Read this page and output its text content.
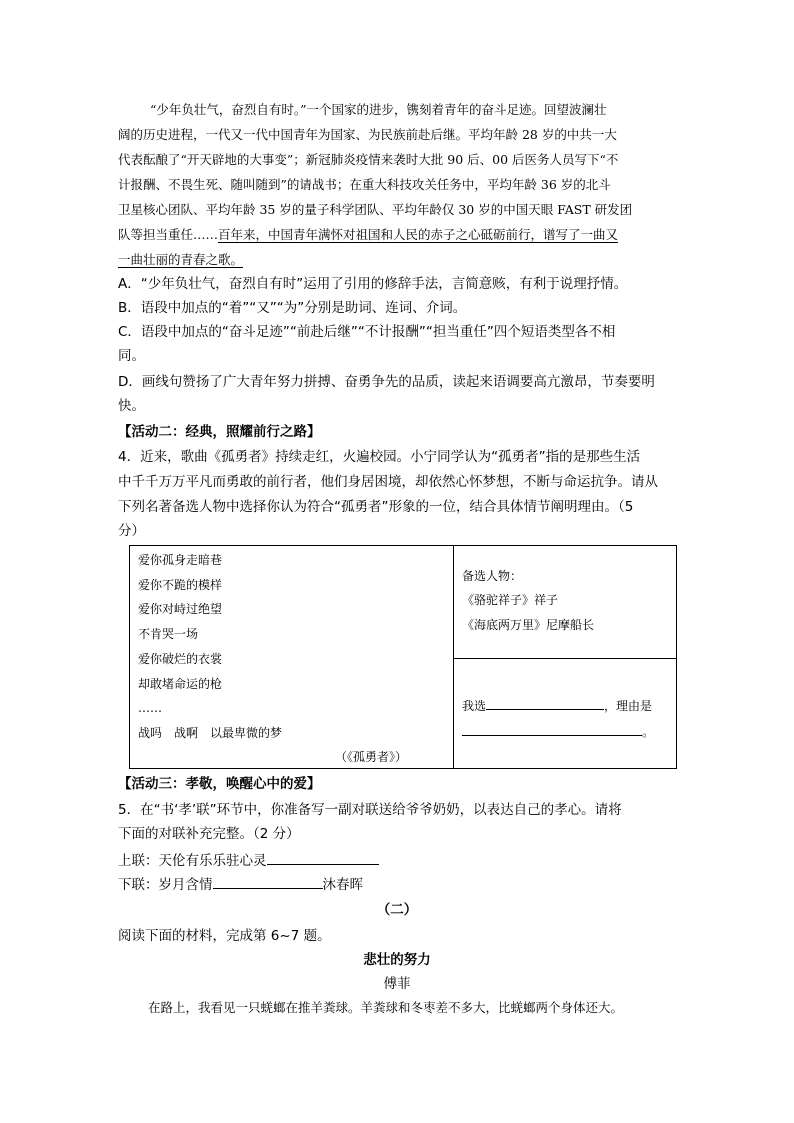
“少年负壮气，奋烈自有时。”一个国家的进步，镌刻着青年的奋斗足迹。回望波澜壮
阔的历史进程，一代又一代中国青年为国家、为民族前赴后继。平均年龄 28 岁的中共一大
代表酝酿了“开天辟地的大事变”；新冠肺炎疫情来袭时大批 90 后、00 后医务人员写下“不
计报酬、不畏生死、随叫随到”的请战书；在重大科技攻关任务中，平均年龄 36 岁的北斗
卫星核心团队、平均年龄 35 岁的量子科学团队、平均年龄仅 30 岁的中国天眼 FAST 研发团
队等担当重任……百年来，中国青年满怀对祖国和人民的赤子之心砥砺前行，谱写了一曲又
一曲壮丽的青春之歌。
A．“少年负壮气，奋烈自有时”运用了引用的修辞手法，言简意赅，有利于说理抒情。
B．语段中加点的“着”“又”“为”分别是助词、连词、介词。
C．语段中加点的“奋斗足迹”“前赴后继”“不计报酬”“担当重任”四个短语类型各不相
同。
D．画线句赞扬了广大青年努力拼搏、奋勇争先的品质，读起来语调要高亢激昂，节奏要明
快。
【活动二：经典，照耀前行之路】
4．近来，歌曲《孤勇者》持续走红，火遍校园。小宁同学认为“孤勇者”指的是那些生活
中千千万万平凡而勇敢的前行者，他们身居困境，却依然心怀梦想，不断与命运抗争。请从
下列名著备选人物中选择你认为符合“孤勇者”形象的一位，结合具体情节阐明理由。（5
分）
爱你孤身走暗巷
爱你不跪的模样
爱你对峙过绝望
不肯哭一场
爱你破烂的衣裳
却敢堵命运的枪
……
战吗　战啊　以最卑微的梦
（《孤勇者》）

备选人物：
《骆驼祥子》祥子
《海底两万里》尼摩船长

我选	，理由是
。
【活动三：孝敬，唤醒心中的爱】
5．在“书‘孝’联”环节中，你准备写一副对联送给爷爷奶奶，以表达自己的孝心。请将
下面的对联补充完整。（2 分）
上联：天伦有乐乐驻心灵
下联：岁月含情	沐春晖
（二）
阅读下面的材料，完成第 6~7 题。
悲壮的努力
傅菲
在路上，我看见一只蜣螂在推羊粪球。羊粪球和冬枣差不多大，比蜣螂两个身体还大。
